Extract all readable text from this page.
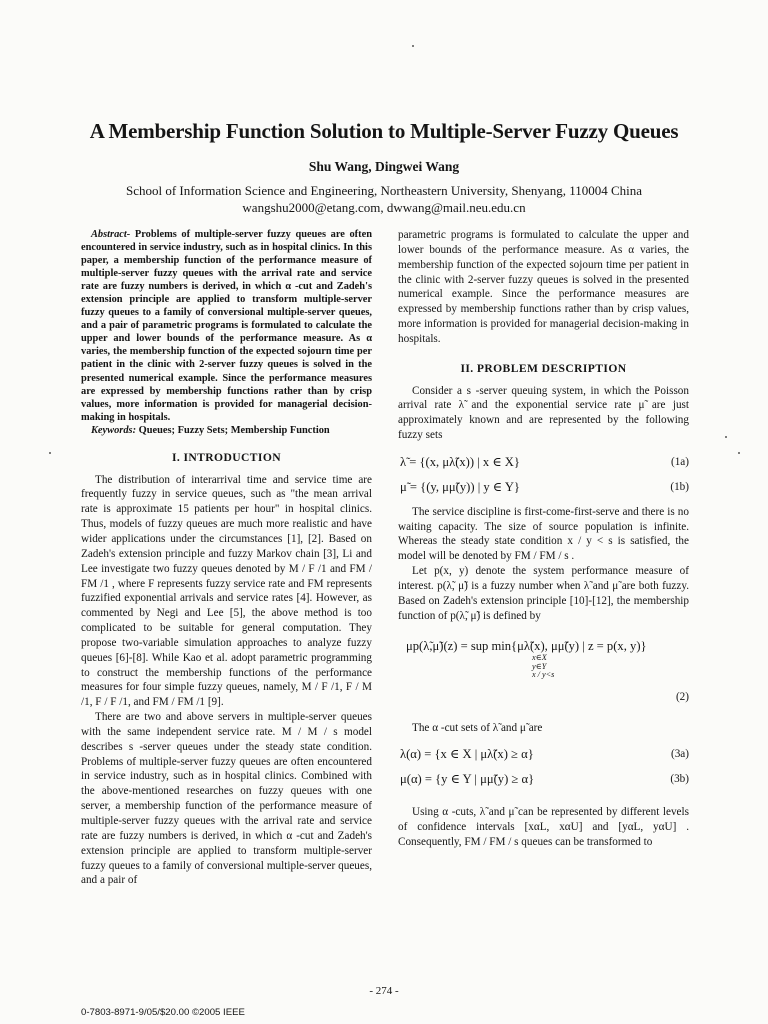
A Membership Function Solution to Multiple-Server Fuzzy Queues
Shu Wang, Dingwei Wang
School of Information Science and Engineering, Northeastern University, Shenyang, 110004 China
wangshu2000@etang.com, dwwang@mail.neu.edu.cn

Abstract- Problems of multiple-server fuzzy queues are often encountered in service industry, such as in hospital clinics. In this paper, a membership function of the performance measure of multiple-server fuzzy queues with the arrival rate and service rate are fuzzy numbers is derived, in which α -cut and Zadeh's extension principle are applied to transform multiple-server fuzzy queues to a family of conversional multiple-server queues, and a pair of parametric programs is formulated to calculate the upper and lower bounds of the performance measure. As α varies, the membership function of the expected sojourn time per patient in the clinic with 2-server fuzzy queues is solved in the presented numerical example. Since the performance measures are expressed by membership functions rather than by crisp values, more information is provided for managerial decision-making in hospitals.

Keywords: Queues; Fuzzy Sets; Membership Function

I. INTRODUCTION

The distribution of interarrival time and service time are frequently fuzzy in service queues, such as "the mean arrival rate is approximate 15 patients per hour" in hospital clinics. Thus, models of fuzzy queues are much more realistic and have wider applications under the circumstances [1], [2]. Based on Zadeh's extension principle and fuzzy Markov chain [3], Li and Lee investigate two fuzzy queues denoted by M / F /1 and FM / FM /1 , where F represents fuzzy service rate and FM represents fuzzified exponential arrivals and service rates [4]. However, as commented by Negi and Lee [5], the above method is too complicated to be suitable for general computation. They propose two-variable simulation approaches to analyze fuzzy queues [6]-[8]. While Kao et al. adopt parametric programming to construct the membership functions of the performance measures for four simple fuzzy queues, namely, M / F /1, F / M /1, F / F /1, and FM / FM /1 [9].

There are two and above servers in multiple-server queues with the same independent service rate. M / M / s model describes s -server queues under the steady state condition. Problems of multiple-server fuzzy queues are often encountered in service industry, such as in hospital clinics. Combined with the above-mentioned researches on fuzzy queues with one server, a membership function of the performance measure of multiple-server fuzzy queues with the arrival rate and service rate are fuzzy numbers is derived, in which α -cut and Zadeh's extension principle are applied to transform multiple-server fuzzy queues to a family of conversional multiple-server queues, and a pair of

parametric programs is formulated to calculate the upper and lower bounds of the performance measure. As α varies, the membership function of the expected sojourn time per patient in the clinic with 2-server fuzzy queues is solved in the presented numerical example. Since the performance measures are expressed by membership functions rather than by crisp values, more information is provided for managerial decision-making in hospitals.

II. PROBLEM DESCRIPTION

Consider a s -server queuing system, in which the Poisson arrival rate λ̃ and the exponential service rate μ̃ are just approximately known and are represented by the following fuzzy sets

λ̃ = {(x, μλ̃(x)) | x ∈ X}	(1a)
μ̃ = {(y, μμ̃(y)) | y ∈ Y}	(1b)

The service discipline is first-come-first-serve and there is no waiting capacity. The size of source population is infinite. Whereas the steady state condition x / y < s is satisfied, the model will be denoted by FM / FM / s .

Let p(x, y) denote the system performance measure of interest. p(λ̃, μ̃) is a fuzzy number when λ̃ and μ̃ are both fuzzy. Based on Zadeh's extension principle [10]-[12], the membership function of p(λ̃, μ̃) is defined by

μp(λ̃,μ̃)(z) = sup min{μλ̃(x), μμ̃(y) | z = p(x, y)}
x∈X
y∈Y
x / y<s
(2)

The α -cut sets of λ̃ and μ̃ are

λ(α) = {x ∈ X | μλ̃(x) ≥ α}	(3a)
μ(α) = {y ∈ Y | μμ̃(y) ≥ α}	(3b)

Using α -cuts, λ̃ and μ̃ can be represented by different levels of confidence intervals [xαL, xαU] and [yαL, yαU] . Consequently, FM / FM / s queues can be transformed to

- 274 -
0-7803-8971-9/05/$20.00 ©2005 IEEE
